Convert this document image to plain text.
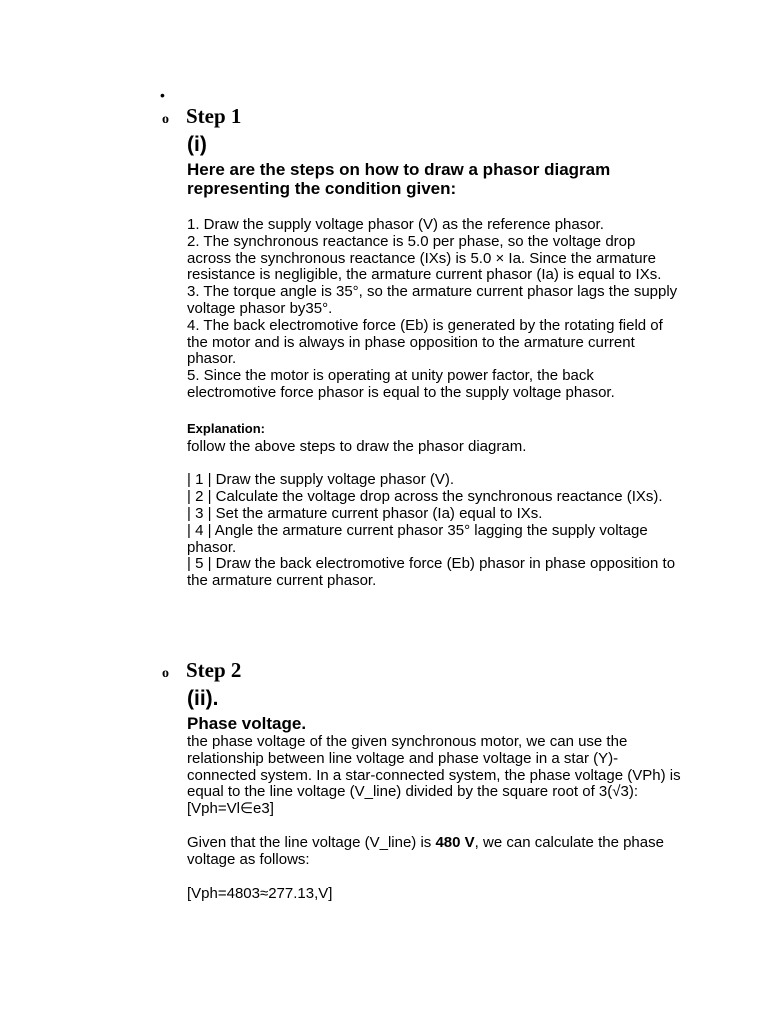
•
o Step 1
(i)
Here are the steps on how to draw a phasor diagram representing the condition given:
1. Draw the supply voltage phasor (V) as the reference phasor.
2. The synchronous reactance is 5.0 per phase, so the voltage drop across the synchronous reactance (IXs) is 5.0 × Ia. Since the armature resistance is negligible, the armature current phasor (Ia) is equal to IXs.
3. The torque angle is 35°, so the armature current phasor lags the supply voltage phasor by35°.
4. The back electromotive force (Eb) is generated by the rotating field of the motor and is always in phase opposition to the armature current phasor.
5. Since the motor is operating at unity power factor, the back electromotive force phasor is equal to the supply voltage phasor.
Explanation:
follow the above steps to draw the phasor diagram.
| 1 | Draw the supply voltage phasor (V).
| 2 | Calculate the voltage drop across the synchronous reactance (IXs).
| 3 | Set the armature current phasor (Ia) equal to IXs.
| 4 | Angle the armature current phasor 35° lagging the supply voltage phasor.
| 5 | Draw the back electromotive force (Eb) phasor in phase opposition to the armature current phasor.
o Step 2
(ii).
Phase voltage.
the phase voltage of the given synchronous motor, we can use the relationship between line voltage and phase voltage in a star (Y)-connected system. In a star-connected system, the phase voltage (VPh) is equal to the line voltage (V_line) divided by the square root of 3(√3):
[Vph=Vl∈e3]
Given that the line voltage (V_line) is 480 V, we can calculate the phase voltage as follows:
[Vph=4803≈277.13,V]
